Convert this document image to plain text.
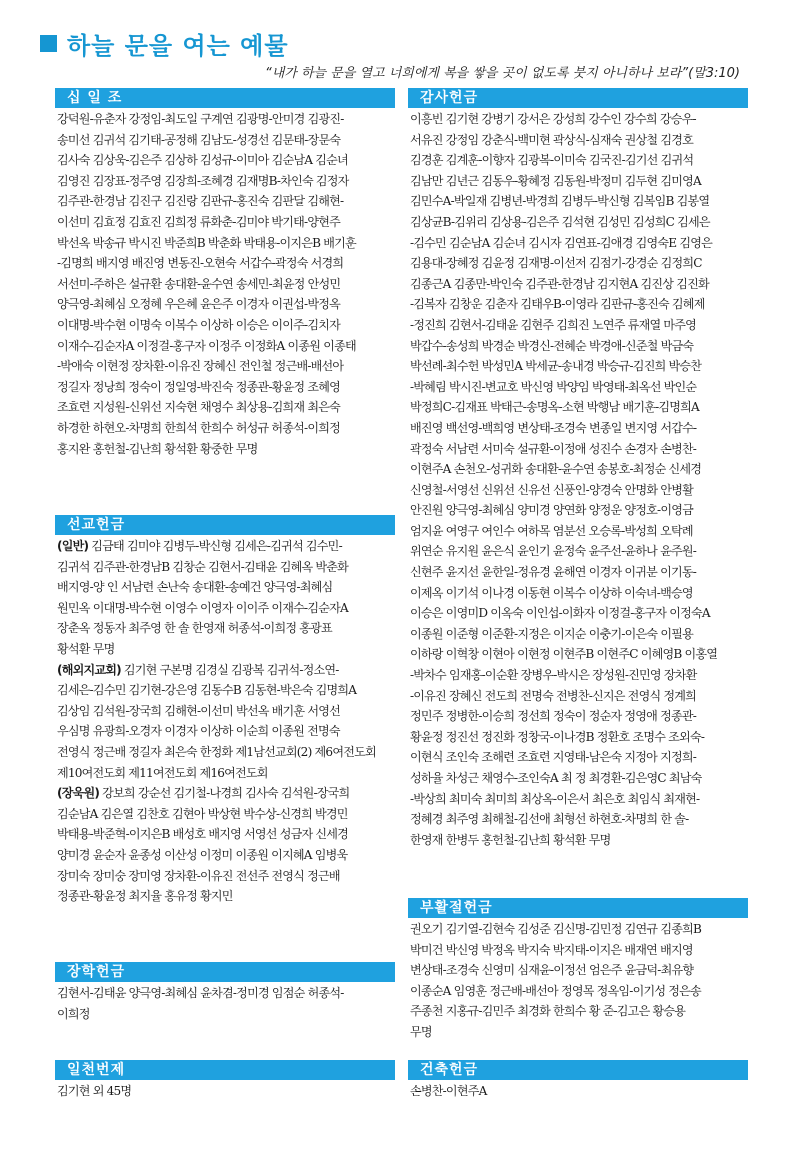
하늘 문을 여는 예물
“내가 하늘 문을 열고 너희에게 복을 쌓을 곳이 없도록 붓지 아니하나 보라”(말3:10)
십 일 조
강덕원-유춘자 강정임-최도일 구계연 김광명-안미경 김광진-
송미선 김귀석 김기태-공정해 김남도-성경선 김문태-장문숙
김사숙 김상욱-김은주 김상하 김성규-이미아 김순남A 김순녀
김영진 김장표-정주영 김장희-조혜경 김재명B-차인숙 김정자
김주관-한경남 김진구 김진랑 김판규-홍진숙 김판달 김해현-
이선미 김효정 김효진 김희정 류화춘-김미야 박기태-양현주
박선옥 박송규 박시진 박준희B 박춘화 박태용-이지은B 배기훈
-김명희 배지영 배진영 변동진-오현숙 서갑수-곽정숙 서경희
서선미-주하은 설규환 송대환-윤수연 송세민-최윤정 안성민
양극영-최혜심 오정혜 우은혜 윤은주 이경자 이권섭-박정옥
이대명-박수현 이명숙 이복수 이상하 이승은 이이주-김치자
이재수-김순자A 이정걸-홍구자 이정주 이정화A 이종원 이종태
-박애숙 이현정 장차환-이유진 장혜신 전인철 정근배-배선아
정길자 정낭희 정숙이 정일영-박진숙 정종관-황윤정 조혜영
조효련 지성원-신위선 지숙현 채영수 최상용-김희재 최은숙
하경한 하현오-차명희 한희석 한희수 허성규 허종석-이희정
홍지완 홍헌철-김난희 황석환 황중한 무명
선교헌금
(일반) 김금태 김미야 김병두-박신형 김세은-김귀석 김수민-
김귀석 김주관-한경남B 김창순 김현서-김태윤 김혜옥 박춘화
배지영-양 인 서남련 손난숙 송대환-송예건 양극영-최혜심
원민옥 이대명-박수현 이영수 이영자 이이주 이재수-김순자A
장춘옥 정동자 최주영 한 솔 한영재 허종석-이희정 홍광표
황석환 무명
(해외지교회) 김기현 구본명 김경실 김광복 김귀석-정소연-
김세은-김수민 김기현-강은영 김동수B 김동현-박은숙 김명희A
김상임 김석원-장국희 김해현-이선미 박선옥 배기훈 서영선
우심명 유광희-오경자 이경자 이상하 이순희 이종원 전명숙
전영식 정근배 정길자 최은숙 한정화 제1남선교회(2) 제6여전도회
제10여전도회 제11여전도회 제16여전도회
(장욱원) 강보희 강순선 김기철-나경희 김사숙 김석원-장국희
김순남A 김은열 김찬호 김현아 박상현 박수상-신경희 박경민
박태용-박준혁-이지은B 배성호 배지영 서영선 성금자 신세경
양미경 윤순자 윤종성 이산성 이정미 이종원 이지혜A 임병욱
장미숙 장미숭 장미영 장차환-이유진 전선주 전영식 정근배
정종관-황윤정 최지율 홍유정 황지민
장학헌금
김현서-김태윤 양극영-최혜심 윤차겸-정미경 임점순 허종석-
이희정
일천번제
김기현 외 45명
감사헌금
이흥빈 김기현 강병기 강서은 강성희 강수인 강수희 강승우-
서유진 강정임 강춘식-백미현 곽상식-심재숙 권상철 김경호
김경훈 김계훈-이향자 김광복-이미숙 김국진-김기선 김귀석
김남만 김년근 김동우-황혜정 김동원-박정미 김두현 김미영A
김민수A-박일재 김병년-박경희 김병두-박신형 김복임B 김봉열
김상균B-김위리 김상용-김은주 김석현 김성민 김성희C 김세은
-김수민 김순남A 김순녀 김시자 김연표-김애경 김영숙E 김영은
김용대-장혜정 김윤정 김재명-이선저 김점기-강경순 김정희C
김종근A 김종만-박인숙 김주관-한경남 김지현A 김진상 김진화
-김복자 김창운 김춘자 김태우B-이영라 김판규-홍진숙 김혜제
-정진희 김현서-김태윤 김현주 김희진 노연주 류재열 마주영
박갑수-송성희 박경순 박경신-전혜순 박경애-신준철 박금숙
박선례-최수헌 박성민A 박세균-송내경 박승규-김진희 박승찬
-박혜림 박시진-변교호 박신영 박양임 박영태-최옥선 박인순
박정희C-김재표 박태근-송명옥-소현 박행남 배기훈-김명희A
배진영 백선영-백희영 변상태-조경숙 변종일 변지영 서갑수-
곽정숙 서남련 서미숙 설규환-이정애 성진수 손경자 손병찬-
이현주A 손천오-성귀화 송대환-윤수연 송봉호-최정순 신세경
신영철-서영선 신위선 신유선 신풍인-양경숙 안명화 안병활
안진원 양극영-최혜심 양미경 양연화 양정운 양정호-이영금
엄지윤 여영구 여인수 여하목 염분선 오승록-박성희 오탁례
위연순 유지원 윤은식 윤인기 윤정숙 윤주선-윤하나 윤주원-
신현주 윤지선 윤한일-정유경 윤해연 이경자 이귀분 이기동-
이제옥 이기석 이나경 이동현 이복수 이상하 이숙녀-백승영
이승은 이영미D 이옥숙 이인섭-이화자 이정걸-홍구자 이정숙A
이종원 이준형 이준환-지정은 이지순 이충기-이은숙 이필용
이하랑 이혁창 이현아 이현정 이현주B 이현주C 이혜영B 이홍열
-박차수 임재홍-이순환 장병우-박시은 장성원-진민영 장차환
-이유진 장혜신 전도희 전명숙 전병찬-신지은 전영식 정계희
정민주 정병한-이승희 정선희 정숙이 정순자 정영애 정종관-
황윤정 정진선 정진화 정창국-이나경B 정환호 조명수 조외숙-
이현식 조인숙 조해련 조효련 지영태-남은숙 지정아 지정희-
성하율 차성근 채영수-조인숙A 최 정 최경환-김은영C 최남숙
-박상희 최미숙 최미희 최상옥-이은서 최은호 최임식 최재현-
정혜경 최주영 최해철-김선애 최형선 하현호-차명희 한 솔-
한영재 한병두 홍헌철-김난희 황석환 무명
부활절헌금
권오기 김기열-김현숙 김성준 김신명-김민정 김연규 김종희B
박미건 박신영 박정옥 박지숙 박지태-이지은 배재연 배지영
변상태-조경숙 신영미 심재윤-이정선 엄은주 윤금덕-최유향
이종순A 임영훈 정근배-배선아 정영목 정옥임-이기성 정은송
주종천 지홍규-김민주 최경화 한희수 황 준-김고은 황승용
무명
건축헌금
손병찬-이현주A
